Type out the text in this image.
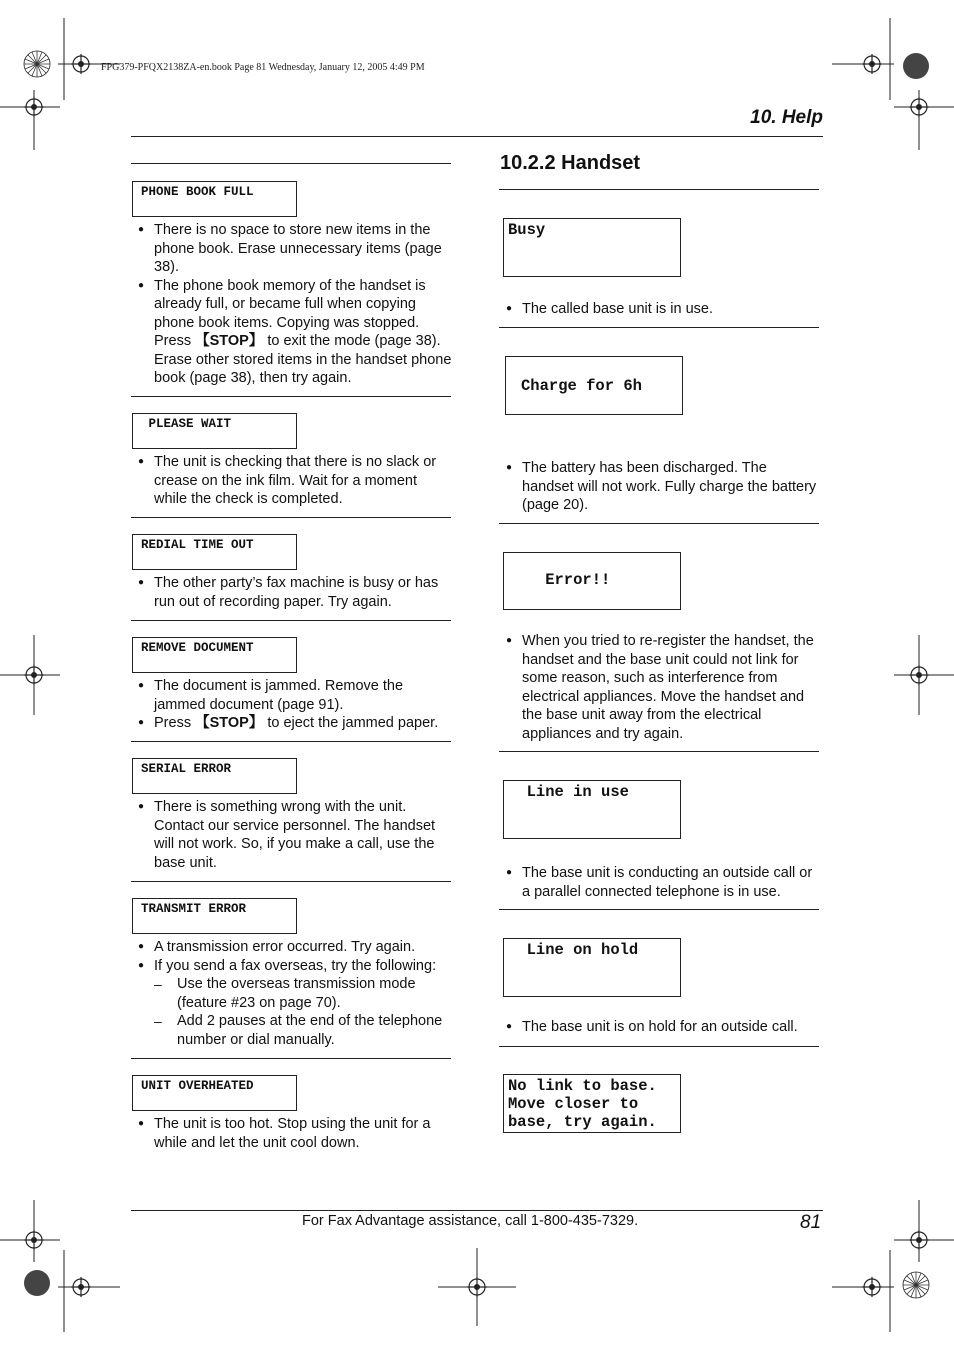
FPG379-PFQX2138ZA-en.book Page 81 Wednesday, January 12, 2005 4:49 PM
10. Help
PHONE BOOK FULL
● There is no space to store new items in the phone book. Erase unnecessary items (page 38).
● The phone book memory of the handset is already full, or became full when copying phone book items. Copying was stopped. Press 【STOP】 to exit the mode (page 38). Erase other stored items in the handset phone book (page 38), then try again.
PLEASE WAIT
● The unit is checking that there is no slack or crease on the ink film. Wait for a moment while the check is completed.
REDIAL TIME OUT
● The other party’s fax machine is busy or has run out of recording paper. Try again.
REMOVE DOCUMENT
● The document is jammed. Remove the jammed document (page 91).
● Press 【STOP】 to eject the jammed paper.
SERIAL ERROR
● There is something wrong with the unit. Contact our service personnel. The handset will not work. So, if you make a call, use the base unit.
TRANSMIT ERROR
● A transmission error occurred. Try again.
● If you send a fax overseas, try the following:
– Use the overseas transmission mode (feature #23 on page 70).
– Add 2 pauses at the end of the telephone number or dial manually.
UNIT OVERHEATED
● The unit is too hot. Stop using the unit for a while and let the unit cool down.
10.2.2 Handset
Busy
● The called base unit is in use.
Charge for 6h
● The battery has been discharged. The handset will not work. Fully charge the battery (page 20).
Error!!
● When you tried to re-register the handset, the handset and the base unit could not link for some reason, such as interference from electrical appliances. Move the handset and the base unit away from the electrical appliances and try again.
Line in use
● The base unit is conducting an outside call or a parallel connected telephone is in use.
Line on hold
● The base unit is on hold for an outside call.
No link to base.
Move closer to
base, try again.
For Fax Advantage assistance, call 1-800-435-7329.	81
